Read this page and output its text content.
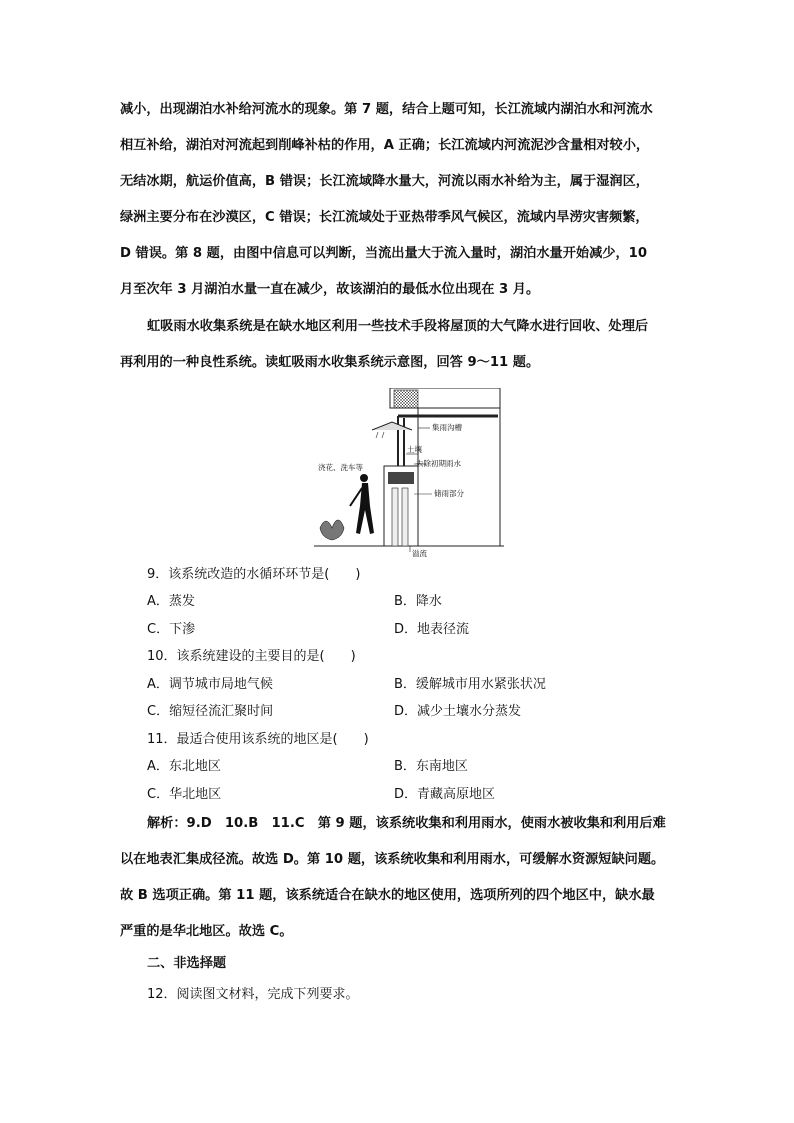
减小，出现湖泊水补给河流水的现象。第 7 题，结合上题可知，长江流域内湖泊水和河流水
相互补给，湖泊对河流起到削峰补枯的作用，A 正确；长江流域内河流泥沙含量相对较小，
无结冰期，航运价值高，B 错误；长江流域降水量大，河流以雨水补给为主，属于湿润区，
绿洲主要分布在沙漠区，C 错误；长江流域处于亚热带季风气候区，流域内旱涝灾害频繁，
D 错误。第 8 题，由图中信息可以判断，当流出量大于流入量时，湖泊水量开始减少，10
月至次年 3 月湖泊水量一直在减少，故该湖泊的最低水位出现在 3 月。
虹吸雨水收集系统是在缺水地区利用一些技术手段将屋顶的大气降水进行回收、处理后
再利用的一种良性系统。读虹吸雨水收集系统示意图，回答 9～11 题。
集雨沟槽
土壤
去除初期雨水
浇花、洗车等
储雨部分
溢流
9．该系统改造的水循环环节是(　　)
A．蒸发	B．降水
C．下渗	D．地表径流
10．该系统建设的主要目的是(　　)
A．调节城市局地气候	B．缓解城市用水紧张状况
C．缩短径流汇聚时间	D．减少土壤水分蒸发
11．最适合使用该系统的地区是(　　)
A．东北地区	B．东南地区
C．华北地区	D．青藏高原地区
解析：9.D　10.B　11.C　第 9 题，该系统收集和利用雨水，使雨水被收集和利用后难
以在地表汇集成径流。故选 D。第 10 题，该系统收集和利用雨水，可缓解水资源短缺问题。
故 B 选项正确。第 11 题，该系统适合在缺水的地区使用，选项所列的四个地区中，缺水最
严重的是华北地区。故选 C。
二、非选择题
12．阅读图文材料，完成下列要求。
